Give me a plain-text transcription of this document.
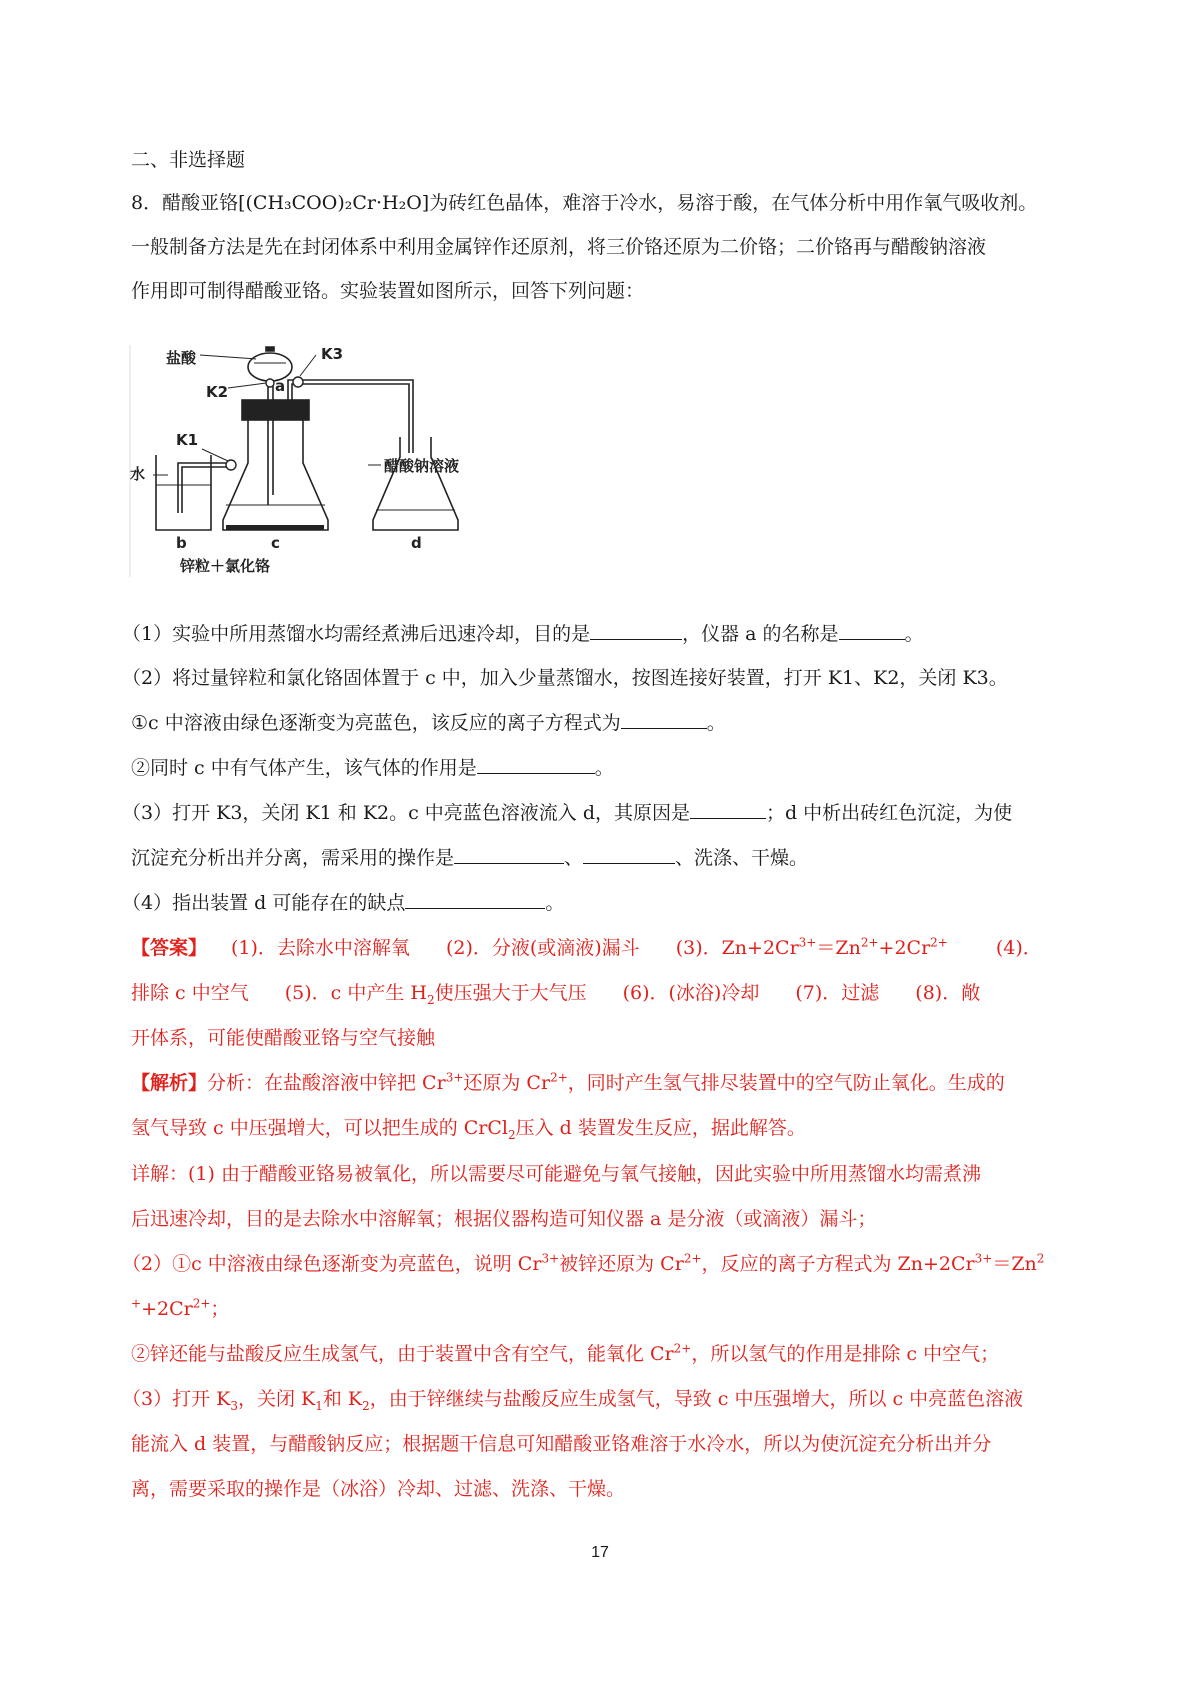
二、非选择题
8．醋酸亚铬[(CH₃COO)₂Cr·H₂O]为砖红色晶体，难溶于冷水，易溶于酸，在气体分析中用作氧气吸收剂。
一般制备方法是先在封闭体系中利用金属锌作还原剂，将三价铬还原为二价铬；二价铬再与醋酸钠溶液
作用即可制得醋酸亚铬。实验装置如图所示，回答下列问题：
盐酸
a
K3
K2
K1
水	醋酸钠溶液
b	c	d
锌粒＋氯化铬
（1）实验中所用蒸馏水均需经煮沸后迅速冷却，目的是	，仪器 a 的名称是	。
（2）将过量锌粒和氯化铬固体置于 c 中，加入少量蒸馏水，按图连接好装置，打开 K1、K2，关闭 K3。
①c 中溶液由绿色逐渐变为亮蓝色，该反应的离子方程式为	。
②同时 c 中有气体产生，该气体的作用是	。
（3）打开 K3，关闭 K1 和 K2。c 中亮蓝色溶液流入 d，其原因是	；d 中析出砖红色沉淀，为使
沉淀充分析出并分离，需采用的操作是	、	、洗涤、干燥。
（4）指出装置 d 可能存在的缺点	。
【答案】 (1)．去除水中溶解氧 (2)．分液(或滴液)漏斗 (3)．$Zn+2Cr^{3+}=Zn^{2+}+2Cr^{2+}$	(4)．
排除 c 中空气 (5)．c 中产生 $H_2$使压强大于大气压 (6)．(冰浴)冷却 (7)．过滤 (8)．敞
开体系，可能使醋酸亚铬与空气接触
【解析】分析：在盐酸溶液中锌把 $Cr^{3+}$还原为 $Cr^{2+}$，同时产生氢气排尽装置中的空气防止氧化。生成的
氢气导致 c 中压强增大，可以把生成的 CrCl$_2$压入 d 装置发生反应，据此解答。
详解：(1) 由于醋酸亚铬易被氧化，所以需要尽可能避免与氧气接触，因此实验中所用蒸馏水均需煮沸
后迅速冷却，目的是去除水中溶解氧；根据仪器构造可知仪器 a 是分液（或滴液）漏斗；
（2）①c 中溶液由绿色逐渐变为亮蓝色，说明 $Cr^{3+}$被锌还原为 $Cr^{2+}$，反应的离子方程式为 $Zn+2Cr^{3+}=Zn^2$
$^++2Cr^{2+}$；
②锌还能与盐酸反应生成氢气，由于装置中含有空气，能氧化 $Cr^{2+}$，所以氢气的作用是排除 c 中空气；
（3）打开 $K_3$，关闭 $K_1$和 $K_2$，由于锌继续与盐酸反应生成氢气，导致 c 中压强增大，所以 c 中亮蓝色溶液
能流入 d 装置，与醋酸钠反应；根据题干信息可知醋酸亚铬难溶于水冷水，所以为使沉淀充分析出并分
离，需要采取的操作是（冰浴）冷却、过滤、洗涤、干燥。
17
